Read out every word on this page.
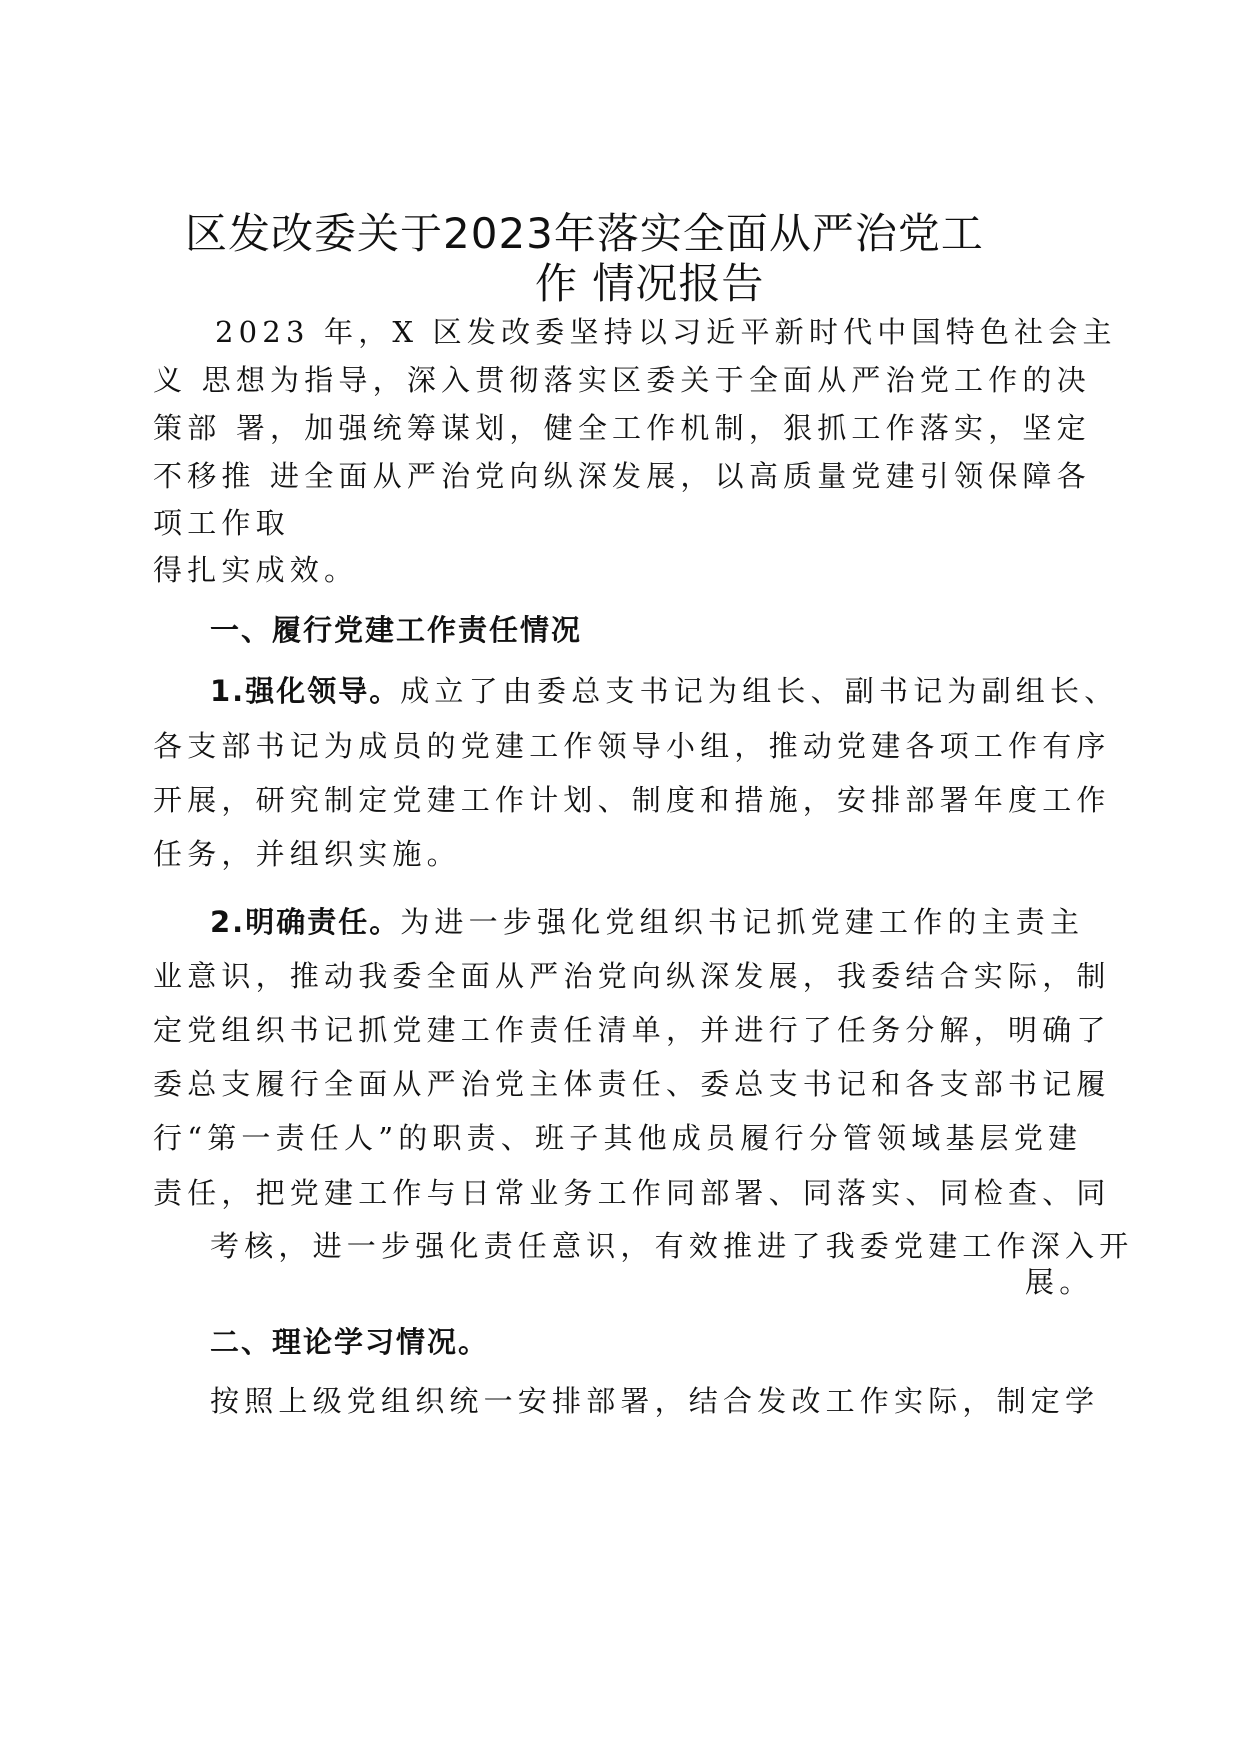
区发改委关于2023年落实全面从严治党工
作 情况报告
2023 年，X 区发改委坚持以习近平新时代中国特色社会主
义 思想为指导，深入贯彻落实区委关于全面从严治党工作的决
策部 署，加强统筹谋划，健全工作机制，狠抓工作落实，坚定
不移推 进全面从严治党向纵深发展，以高质量党建引领保障各
项工作取
得扎实成效。
一、履行党建工作责任情况
1.强化领导。成立了由委总支书记为组长、副书记为副组长、
各支部书记为成员的党建工作领导小组，推动党建各项工作有序
开展，研究制定党建工作计划、制度和措施，安排部署年度工作
任务，并组织实施。
2.明确责任。为进一步强化党组织书记抓党建工作的主责主
业意识，推动我委全面从严治党向纵深发展，我委结合实际，制
定党组织书记抓党建工作责任清单，并进行了任务分解，明确了
委总支履行全面从严治党主体责任、委总支书记和各支部书记履
行“第一责任人”的职责、班子其他成员履行分管领域基层党建
责任，把党建工作与日常业务工作同部署、同落实、同检查、同
考核，进一步强化责任意识，有效推进了我委党建工作深入开
展。
二、理论学习情况。
按照上级党组织统一安排部署，结合发改工作实际，制定学
